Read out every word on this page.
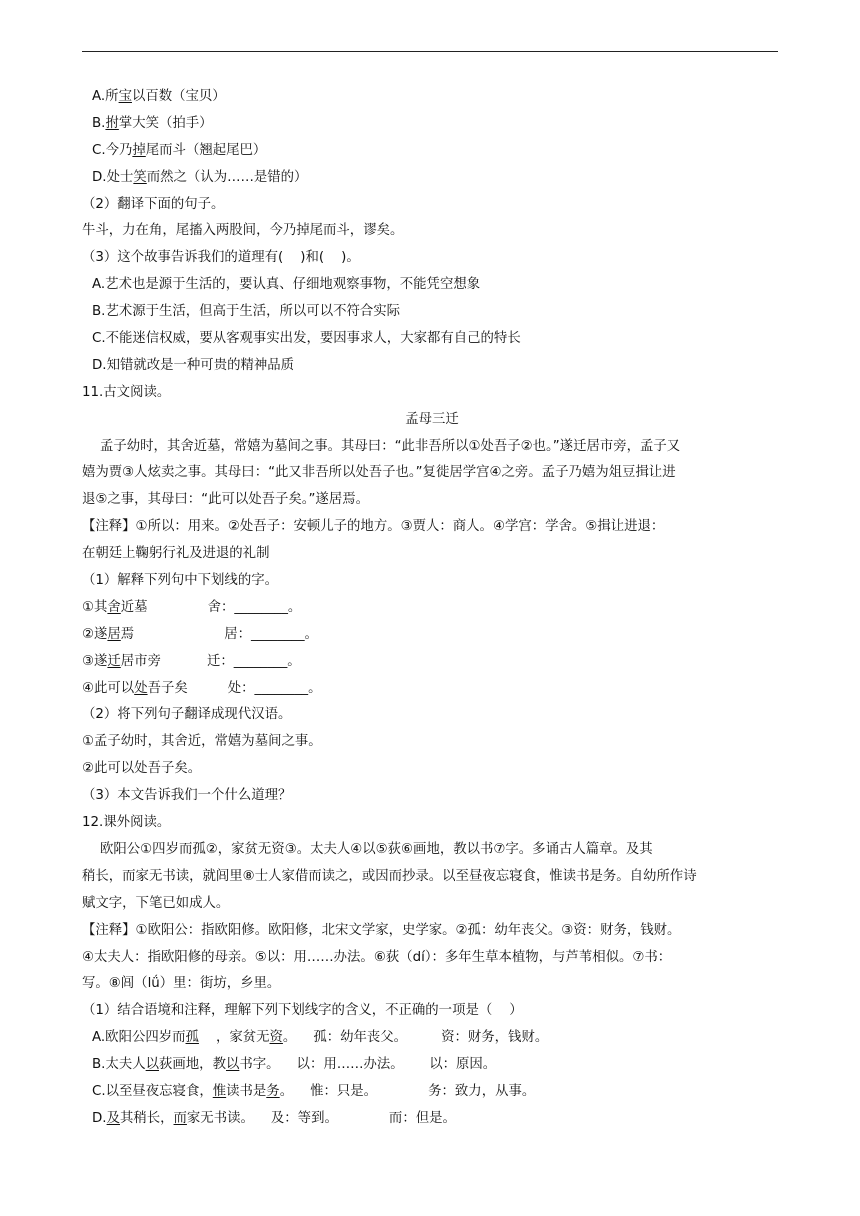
A.所宝以百数（宝贝）
B.拊掌大笑（拍手）
C.今乃掉尾而斗（翘起尾巴）
D.处士笑而然之（认为……是错的）
（2）翻译下面的句子。
牛斗，力在角，尾搐入两股间，今乃掉尾而斗，谬矣。
（3）这个故事告诉我们的道理有(    )和(    )。
A.艺术也是源于生活的，要认真、仔细地观察事物，不能凭空想象
B.艺术源于生活，但高于生活，所以可以不符合实际
C.不能迷信权威，要从客观事实出发，要因事求人，大家都有自己的特长
D.知错就改是一种可贵的精神品质
11.古文阅读。
孟母三迁
孟子幼时，其舍近墓，常嬉为墓间之事。其母曰：“此非吾所以①处吾子②也。”遂迁居市旁，孟子又
嬉为贾③人炫卖之事。其母曰：“此又非吾所以处吾子也。”复徙居学宫④之旁。孟子乃嬉为俎豆揖让进
退⑤之事，其母曰：“此可以处吾子矣。”遂居焉。
【注释】①所以：用来。②处吾子：安顿儿子的地方。③贾人：商人。④学宫：学舍。⑤揖让进退：
在朝廷上鞠躬行礼及进退的礼制
（1）解释下列句中下划线的字。
①其舍近墓	舍：________。
②遂居焉	居：________。
③遂迁居市旁	迁：________。
④此可以处吾子矣	处：________。
（2）将下列句子翻译成现代汉语。
①孟子幼时，其舍近，常嬉为墓间之事。
②此可以处吾子矣。
（3）本文告诉我们一个什么道理？
12.课外阅读。
欧阳公①四岁而孤②，家贫无资③。太夫人④以⑤荻⑥画地，教以书⑦字。多诵古人篇章。及其
稍长，而家无书读，就闾里⑧士人家借而读之，或因而抄录。以至昼夜忘寝食，惟读书是务。自幼所作诗
赋文字，下笔已如成人。
【注释】①欧阳公：指欧阳修。欧阳修，北宋文学家，史学家。②孤：幼年丧父。③资：财务，钱财。
④太夫人：指欧阳修的母亲。⑤以：用……办法。⑥荻（dí）：多年生草本植物，与芦苇相似。⑦书：
写。⑧闾（lǘ）里：街坊，乡里。
（1）结合语境和注释，理解下列下划线字的含义，不正确的一项是（    ）
A.欧阳公四岁而孤    ，家贫无资。    孤：幼年丧父。        资：财务，钱财。
B.太夫人以荻画地，教以书字。    以：用……办法。      以：原因。
C.以至昼夜忘寝食，惟读书是务。    惟：只是。            务：致力，从事。
D.及其稍长，而家无书读。    及：等到。            而：但是。
